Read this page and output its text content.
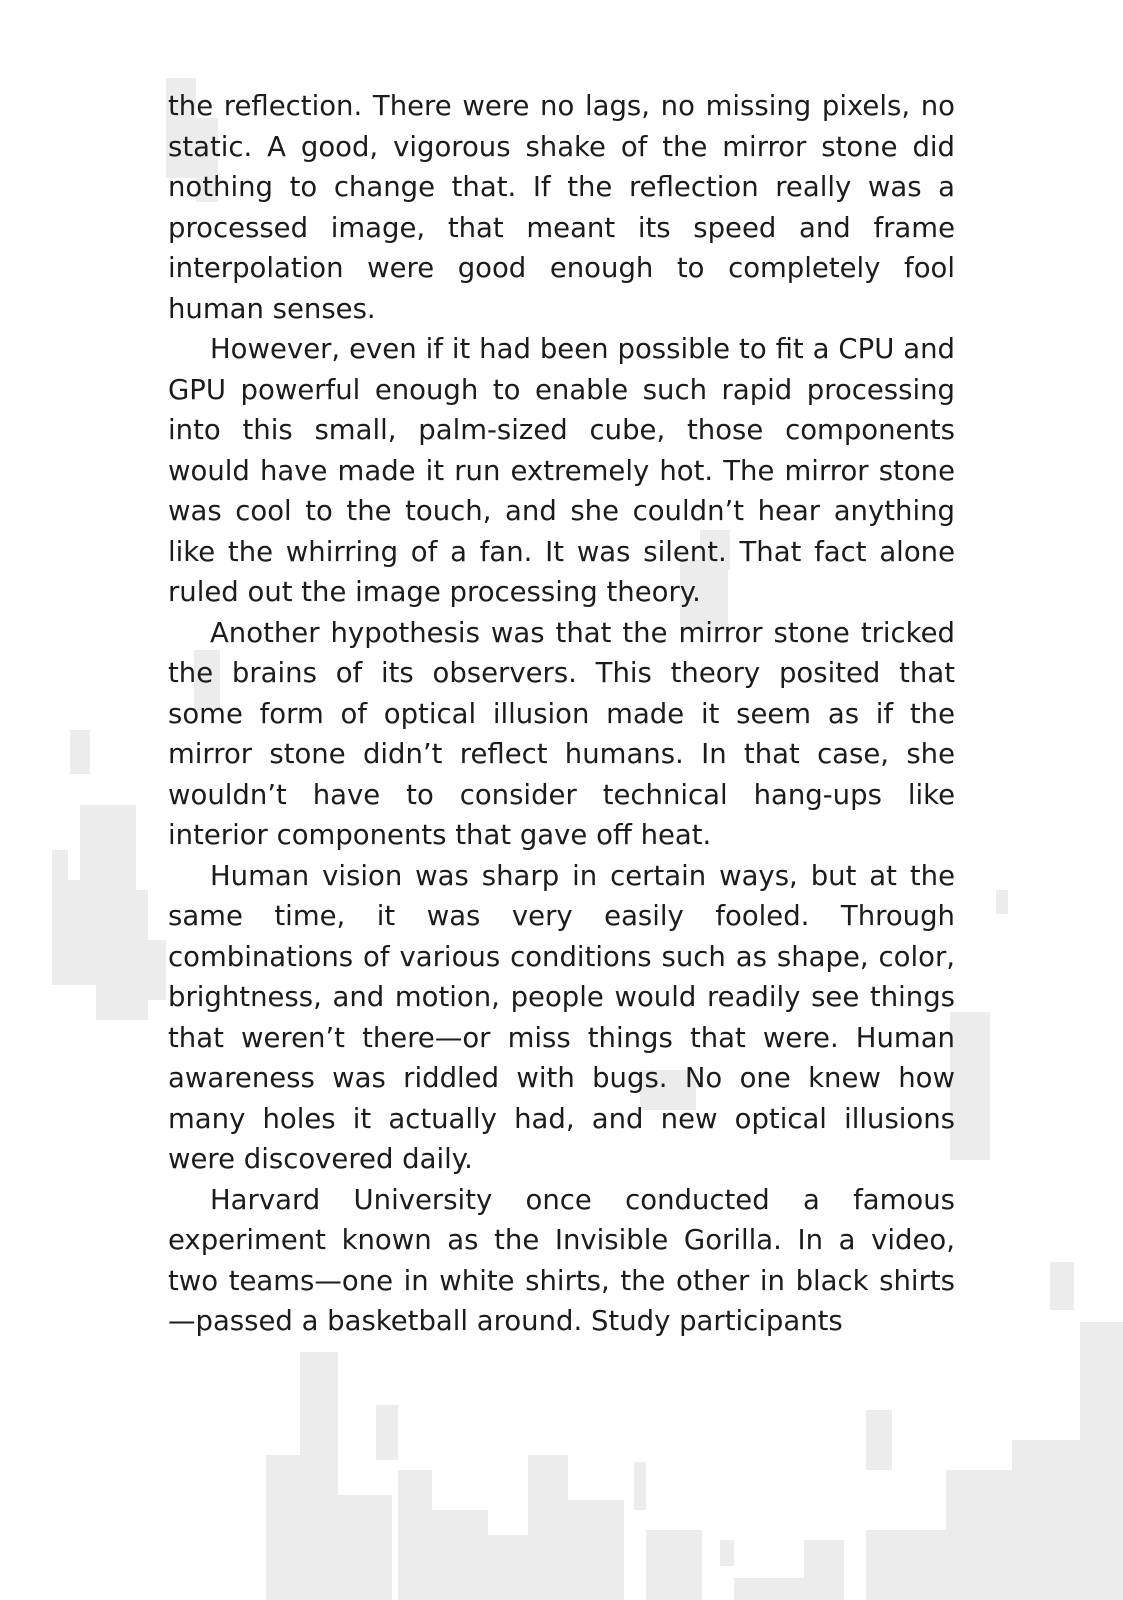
the reflection. There were no lags, no missing pixels, no static. A good, vigorous shake of the mirror stone did nothing to change that. If the reflection really was a processed image, that meant its speed and frame interpolation were good enough to completely fool human senses.

However, even if it had been possible to fit a CPU and GPU powerful enough to enable such rapid processing into this small, palm-sized cube, those components would have made it run extremely hot. The mirror stone was cool to the touch, and she couldn’t hear anything like the whirring of a fan. It was silent. That fact alone ruled out the image processing theory.

Another hypothesis was that the mirror stone tricked the brains of its observers. This theory posited that some form of optical illusion made it seem as if the mirror stone didn’t reflect humans. In that case, she wouldn’t have to consider technical hang-ups like interior components that gave off heat.

Human vision was sharp in certain ways, but at the same time, it was very easily fooled. Through combinations of various conditions such as shape, color, brightness, and motion, people would readily see things that weren’t there—or miss things that were. Human awareness was riddled with bugs. No one knew how many holes it actually had, and new optical illusions were discovered daily.

Harvard University once conducted a famous experiment known as the Invisible Gorilla. In a video, two teams—one in white shirts, the other in black shirts—passed a basketball around. Study participants
